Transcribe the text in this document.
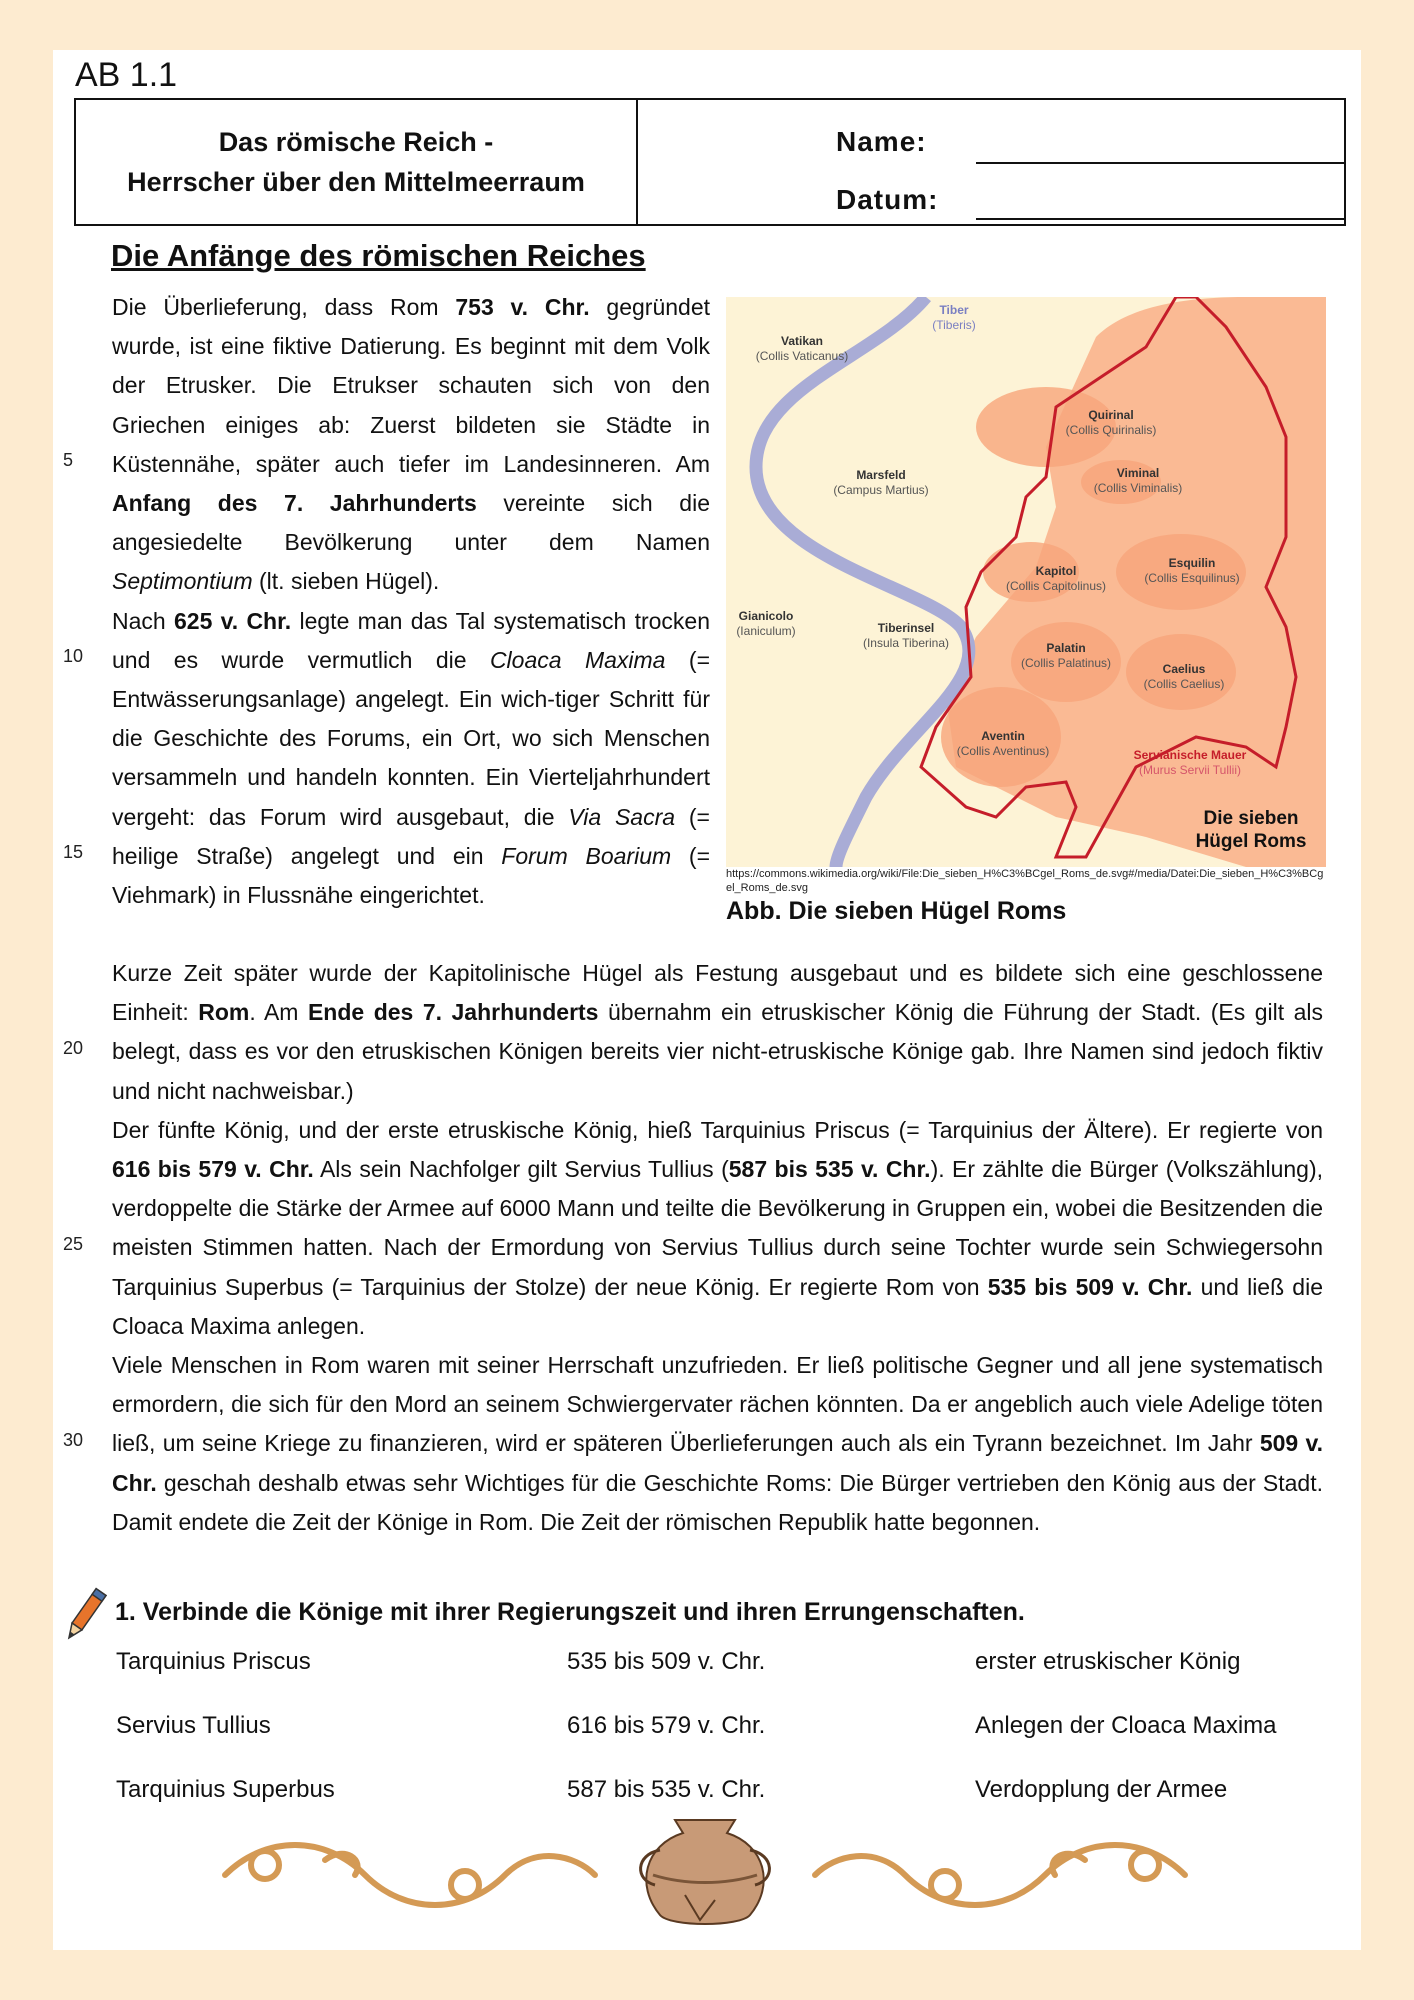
AB 1.1
Das römische Reich -
Herrscher über den Mittelmeerraum
Name:
Datum:
Die Anfänge des römischen Reiches
5
10
15
20
25
30
Die Überlieferung, dass Rom 753 v. Chr. gegründet wurde, ist eine fiktive Datierung. Es beginnt mit dem Volk der Etrusker. Die Etrukser schauten sich von den Griechen einiges ab: Zuerst bildeten sie Städte in Küstennähe, später auch tiefer im Landesinneren. Am Anfang des 7. Jahrhunderts vereinte sich die angesiedelte Bevölkerung unter dem Namen Septimontium (lt. sieben Hügel).
Nach 625 v. Chr. legte man das Tal systematisch trocken und es wurde vermutlich die Cloaca Maxima (= Entwässerungsanlage) angelegt. Ein wich-tiger Schritt für die Geschichte des Forums, ein Ort, wo sich Menschen versammeln und handeln konnten. Ein Vierteljahrhundert vergeht: das Forum wird ausgebaut, die Via Sacra (= heilige Straße) angelegt und ein Forum Boarium (= Viehmark) in Flussnähe eingerichtet.
Kurze Zeit später wurde der Kapitolinische Hügel als Festung ausgebaut und es bildete sich eine geschlossene Einheit: Rom. Am Ende des 7. Jahrhunderts übernahm ein etruskischer König die Führung der Stadt. (Es gilt als belegt, dass es vor den etruskischen Königen bereits vier nicht-etruskische Könige gab. Ihre Namen sind jedoch fiktiv und nicht nachweisbar.)
Der fünfte König, und der erste etruskische König, hieß Tarquinius Priscus (= Tarquinius der Ältere). Er regierte von 616 bis 579 v. Chr. Als sein Nachfolger gilt Servius Tullius (587 bis 535 v. Chr.). Er zählte die Bürger (Volkszählung), verdoppelte die Stärke der Armee auf 6000 Mann und teilte die Bevölkerung in Gruppen ein, wobei die Besitzenden die meisten Stimmen hatten. Nach der Ermordung von Servius Tullius durch seine Tochter wurde sein Schwiegersohn Tarquinius Superbus (= Tarquinius der Stolze) der neue König. Er regierte Rom von 535 bis 509 v. Chr. und ließ die Cloaca Maxima anlegen.
Viele Menschen in Rom waren mit seiner Herrschaft unzufrieden. Er ließ politische Gegner und all jene systematisch ermordern, die sich für den Mord an seinem Schwiergervater rächen könnten. Da er angeblich auch viele Adelige töten ließ, um seine Kriege zu finanzieren, wird er späteren Überlieferungen auch als ein Tyrann bezeichnet. Im Jahr 509 v. Chr. geschah deshalb etwas sehr Wichtiges für die Geschichte Roms: Die Bürger vertrieben den König aus der Stadt. Damit endete die Zeit der Könige in Rom. Die Zeit der römischen Republik hatte begonnen.
Vatikan
(Collis Vaticanus)
Marsfeld
(Campus Martius)
Gianicolo
(Ianiculum)	Tiberinsel
(Insula Tiberina)
Quirinal
(Collis Quirinalis)
Viminal
(Collis Viminalis)
Kapitol
(Collis Capitolinus)
Esquilin
(Collis Esquilinus)
Palatin
(Collis Palatinus)	Caelius
(Collis Caelius)
Aventin
(Collis Aventinus)
Tiber
(Tiberis)
Servianische Mauer
(Murus Servii Tullii)
Die sieben
Hügel Roms
https://commons.wikimedia.org/wiki/File:Die_sieben_H%C3%BCgel_Roms_de.svg#/media/Datei:Die_sieben_H%C3%BCgel_Roms_de.svg
Abb. Die sieben Hügel Roms
1. Verbinde die Könige mit ihrer Regierungszeit und ihren Errungenschaften.
Tarquinius Priscus
Servius Tullius
Tarquinius Superbus
535 bis 509 v. Chr.
616 bis 579 v. Chr.
587 bis 535 v. Chr.
erster etruskischer König
Anlegen der Cloaca Maxima
Verdopplung der Armee
